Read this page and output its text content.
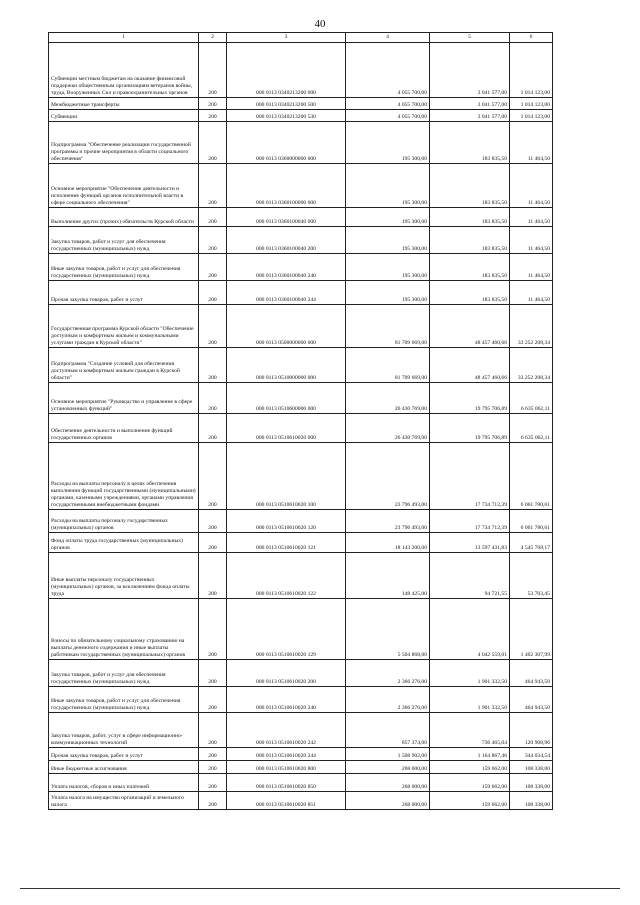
40
1	2	3	4	5	6
Субвенции местным бюджетам на оказание финансовой поддержки общественным организациям ветеранов войны, труда, Вооруженных Сил и правоохранительных органов	200	000 0113 0340213200 000	4 055 700,00	3 041 577,00	1 014 123,00
Межбюджетные трансферты	200	000 0113 0340213200 500	4 055 700,00	3 041 577,00	1 014 123,00
Субвенции	200	000 0113 0340213200 530	4 055 700,00	3 041 577,00	1 014 123,00
Подпрограмма "Обеспечение реализации государственной программы и прочие мероприятия в области социального обеспечения"	200	000 0113 0360000000 000	195 300,00	183 835,50	11 464,50
Основное мероприятие "Обеспечение деятельности и исполнение функций органов исполнительной власти в сфере социального обеспечения"	200	000 0113 0360100000 000	195 300,00	183 835,50	11 464,50
Выполнение других (прочих) обязательств Курской области	200	000 0113 0360100040 000	195 300,00	183 835,50	11 464,50
Закупка товаров, работ и услуг для обеспечения государственных (муниципальных) нужд	200	000 0113 0360100040 200	195 300,00	183 835,50	11 464,50
Иные закупки товаров, работ и услуг для обеспечения государственных (муниципальных) нужд	200	000 0113 0360100040 240	195 300,00	183 835,50	11 464,50
Прочая закупка товаров, работ и услуг	200	000 0113 0360100040 244	195 300,00	183 835,50	11 464,50
Государственная программа Курской области "Обеспечение доступным и комфортным жильем и коммунальными услугами граждан в Курской области"	200	000 0113 0500000000 000	81 709 669,00	48 457 460,66	33 252 208,34
Подпрограмма "Создание условий для обеспечения доступным и комфортным жильем граждан в Курской области"	200	000 0113 0510000000 000	81 709 669,00	48 457 460,66	33 252 208,34
Основное мероприятие "Руководство и управление в сфере установленных функций"	200	000 0113 0510600000 000	26 430 769,00	19 795 706,89	6 635 062,11
Обеспечение деятельности и выполнение функций государственных органов	200	000 0113 0510610020 000	26 430 769,00	19 795 706,89	6 635 062,11
Расходы на выплаты персоналу в целях обеспечения выполнения функций государственными (муниципальными) органами, казенными учреждениями, органами управления государственными внебюджетными фондами	200	000 0113 0510610020 100	23 796 493,00	17 734 712,39	6 061 780,61
Расходы на выплаты персоналу государственных (муниципальных) органов	200	000 0113 0510610020 120	23 796 493,00	17 734 712,39	6 061 780,61
Фонд оплаты труда государственных (муниципальных) органов	200	000 0113 0510610020 121	18 143 200,00	13 597 431,83	4 545 768,17
Иные выплаты персоналу государственных (муниципальных) органов, за исключением фонда оплаты труда	200	000 0113 0510610020 122	148 425,00	94 721,55	53 703,45
Взносы по обязательному социальному страхованию на выплаты денежного содержания и иные выплаты работникам государственных (муниципальных) органов	200	000 0113 0510610020 129	5 504 868,00	4 042 559,01	1 462 307,99
Закупка товаров, работ и услуг для обеспечения государственных (муниципальных) нужд	200	000 0113 0510610020 200	2 366 276,00	1 901 332,50	464 943,50
Иные закупки товаров, работ и услуг для обеспечения государственных (муниципальных) нужд	200	000 0113 0510610020 240	2 366 276,00	1 901 332,50	464 943,50
Закупка товаров, работ, услуг в сфере информационно-коммуникационных технологий	200	000 0113 0510610020 242	857 374,00	736 465,04	120 908,96
Прочая закупка товаров, работ и услуг	200	000 0113 0510610020 244	1 508 902,00	1 164 867,46	344 034,54
Иные бюджетные ассигнования	200	000 0113 0510610020 800	268 000,00	159 662,00	108 338,00
Уплата налогов, сборов и иных платежей	200	000 0113 0510610020 850	268 000,00	159 662,00	108 338,00
Уплата налога на имущество организаций и земельного налога	200	000 0113 0510610020 851	268 000,00	159 662,00	108 338,00
